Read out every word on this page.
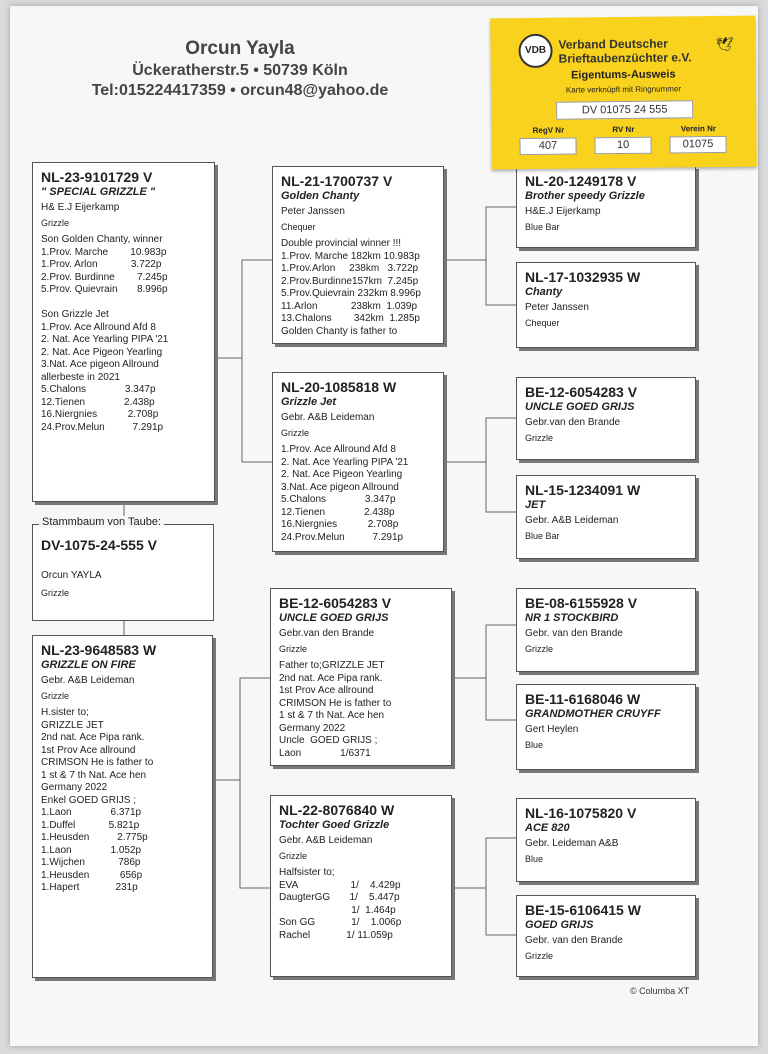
Orcun Yayla
Ückeratherstr.5 • 50739 Köln
Tel:015224417359 • orcun48@yahoo.de
NL-23-9101729 V
" SPECIAL GRIZZLE "
H& E.J Eijerkamp
Grizzle
Son Golden Chanty, winner
1.Prov. Marche        10.983p
1.Prov. Arlon            3.722p
2.Prov. Burdinne        7.245p
5.Prov. Quievrain       8.996p

Son Grizzle Jet
1.Prov. Ace Allround Afd 8
2. Nat. Ace Yearling PIPA '21
2. Nat. Ace Pigeon Yearling
3.Nat. Ace pigeon Allround
allerbeste in 2021
5.Chalons              3.347p
12.Tienen              2.438p
16.Niergnies           2.708p
24.Prov.Melun          7.291p
Stammbaum von Taube:
DV-1075-24-555 V
Orcun YAYLA
Grizzle
NL-23-9648583 W
GRIZZLE ON FIRE
Gebr. A&B Leideman
Grizzle
H.sister to;
GRIZZLE JET
2nd nat. Ace Pipa rank.
1st Prov Ace allround
CRIMSON He is father to
1 st & 7 th Nat. Ace hen
Germany 2022
Enkel GOED GRIJS ;
1.Laon              6.371p
1.Duffel            5.821p
1.Heusden          2.775p
1.Laon              1.052p
1.Wijchen            786p
1.Heusden           656p
1.Hapert             231p
NL-21-1700737 V
Golden Chanty
Peter Janssen
Chequer
Double provincial winner !!!
1.Prov. Marche 182km 10.983p
1.Prov.Arlon     238km   3.722p
2.Prov.Burdinne157km  7.245p
5.Prov.Quievrain 232km 8.996p
11.Arlon            238km  1.039p
13.Chalons        342km  1.285p
Golden Chanty is father to
NL-20-1085818 W
Grizzle Jet
Gebr. A&B Leideman
Grizzle
1.Prov. Ace Allround Afd 8
2. Nat. Ace Yearling PIPA '21
2. Nat. Ace Pigeon Yearling
3.Nat. Ace pigeon Allround
5.Chalons              3.347p
12.Tienen              2.438p
16.Niergnies           2.708p
24.Prov.Melun          7.291p
BE-12-6054283 V
UNCLE GOED GRIJS
Gebr.van den Brande
Grizzle
Father to;GRIZZLE JET
2nd nat. Ace Pipa rank.
1st Prov Ace allround
CRIMSON He is father to
1 st & 7 th Nat. Ace hen
Germany 2022
Uncle  GOED GRIJS ;
Laon              1/6371
NL-22-8076840 W
Tochter Goed Grizzle
Gebr. A&B Leideman
Grizzle
Halfsister to;
EVA                   1/    4.429p
DaugterGG       1/    5.447p
1/  1.464p
Son GG             1/    1.006p
Rachel             1/ 11.059p
NL-20-1249178 V
Brother speedy Grizzle
H&E.J Eijerkamp
Blue Bar
NL-17-1032935 W
Chanty
Peter Janssen
Chequer
BE-12-6054283 V
UNCLE GOED GRIJS
Gebr.van den Brande
Grizzle
NL-15-1234091 W
JET
Gebr. A&B Leideman
Blue Bar
BE-08-6155928 V
NR 1 STOCKBIRD
Gebr. van den Brande
Grizzle
BE-11-6168046 W
GRANDMOTHER CRUYFF
Gert Heylen
Blue
NL-16-1075820 V
ACE 820
Gebr. Leideman A&B
Blue
BE-15-6106415 W
GOED GRIJS
Gebr. van den Brande
Grizzle
VDB	Verband Deutscher
Brieftaubenzüchter e.V.
🕊
Eigentums-Ausweis
Karte verknüpft mit Ringnummer
DV 01075 24 555
RegV Nr	RV Nr	Verein Nr
407	10	01075
© Columba XT
